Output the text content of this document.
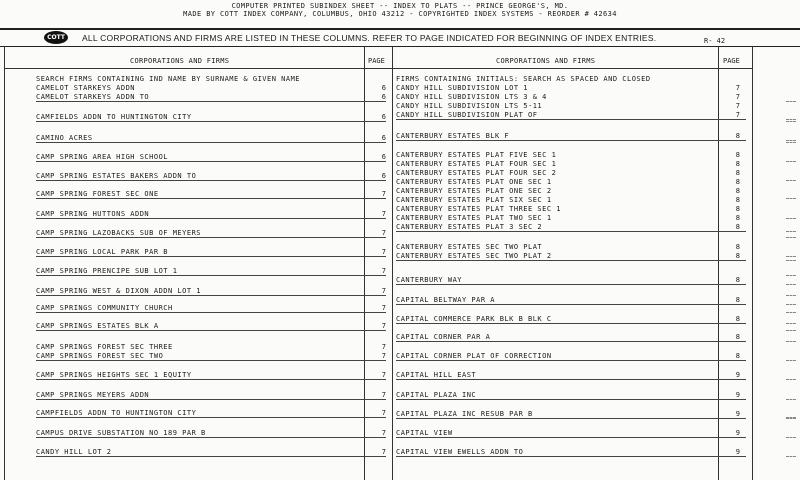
COMPUTER PRINTED SUBINDEX SHEET -- INDEX TO PLATS -- PRINCE GEORGE'S, MD.
MADE BY COTT INDEX COMPANY, COLUMBUS, OHIO 43212 - COPYRIGHTED INDEX SYSTEMS - REORDER # 42634
COTT	ALL CORPORATIONS AND FIRMS ARE LISTED IN THESE COLUMNS. REFER TO PAGE INDICATED FOR BEGINNING OF INDEX ENTRIES.	R- 42
CORPORATIONS AND FIRMS	PAGE	CORPORATIONS AND FIRMS	PAGE
SEARCH FIRMS CONTAINING IND NAME BY SURNAME & GIVEN NAME
CAMELOT STARKEYS ADDN	6
CAMELOT STARKEYS ADDN TO	6
CAMFIELDS ADDN TO HUNTINGTON CITY	6
CAMINO ACRES	6
CAMP SPRING AREA HIGH SCHOOL	6
CAMP SPRING ESTATES BAKERS ADDN TO	6
CAMP SPRING FOREST SEC ONE	7
CAMP SPRING HUTTONS ADDN	7
CAMP SPRING LAZOBACKS SUB OF MEYERS	7
CAMP SPRING LOCAL PARK PAR B	7
CAMP SPRING PRENCIPE SUB LOT 1	7
CAMP SPRING WEST & DIXON ADDN LOT 1	7
CAMP SPRINGS COMMUNITY CHURCH	7
CAMP SPRINGS ESTATES BLK A	7
CAMP SPRINGS FOREST SEC THREE	7
CAMP SPRINGS FOREST SEC TWO	7
CAMP SPRINGS HEIGHTS SEC 1 EQUITY	7
CAMP SPRINGS MEYERS ADDN	7
CAMPFIELDS ADDN TO HUNTINGTON CITY	7
CAMPUS DRIVE SUBSTATION NO 189 PAR B	7
CANDY HILL LOT 2	7
FIRMS CONTAINING INITIALS: SEARCH AS SPACED AND CLOSED
CANDY HILL SUBDIVISION LOT 1	7
CANDY HILL SUBDIVISION LTS 3 & 4	7
CANDY HILL SUBDIVISION LTS 5-11	7
CANDY HILL SUBDIVISION PLAT OF	7
CANTERBURY ESTATES BLK F	8
CANTERBURY ESTATES PLAT FIVE SEC 1	8
CANTERBURY ESTATES PLAT FOUR SEC 1	8
CANTERBURY ESTATES PLAT FOUR SEC 2	8
CANTERBURY ESTATES PLAT ONE SEC 1	8
CANTERBURY ESTATES PLAT ONE SEC 2	8
CANTERBURY ESTATES PLAT SIX SEC 1	8
CANTERBURY ESTATES PLAT THREE SEC 1	8
CANTERBURY ESTATES PLAT TWO SEC 1	8
CANTERBURY ESTATES PLAT 3 SEC 2	8
CANTERBURY ESTATES SEC TWO PLAT	8
CANTERBURY ESTATES SEC TWO PLAT 2	8
CANTERBURY WAY	8
CAPITAL BELTWAY PAR A	8
CAPITAL COMMERCE PARK BLK B BLK C	8
CAPITAL CORNER PAR A	8
CAPITAL CORNER PLAT OF CORRECTION	8
CAPITAL HILL EAST	9
CAPITAL PLAZA INC	9
CAPITAL PLAZA INC RESUB PAR B	9
CAPITAL VIEW	9
CAPITAL VIEW EWELLS ADDN TO	9
